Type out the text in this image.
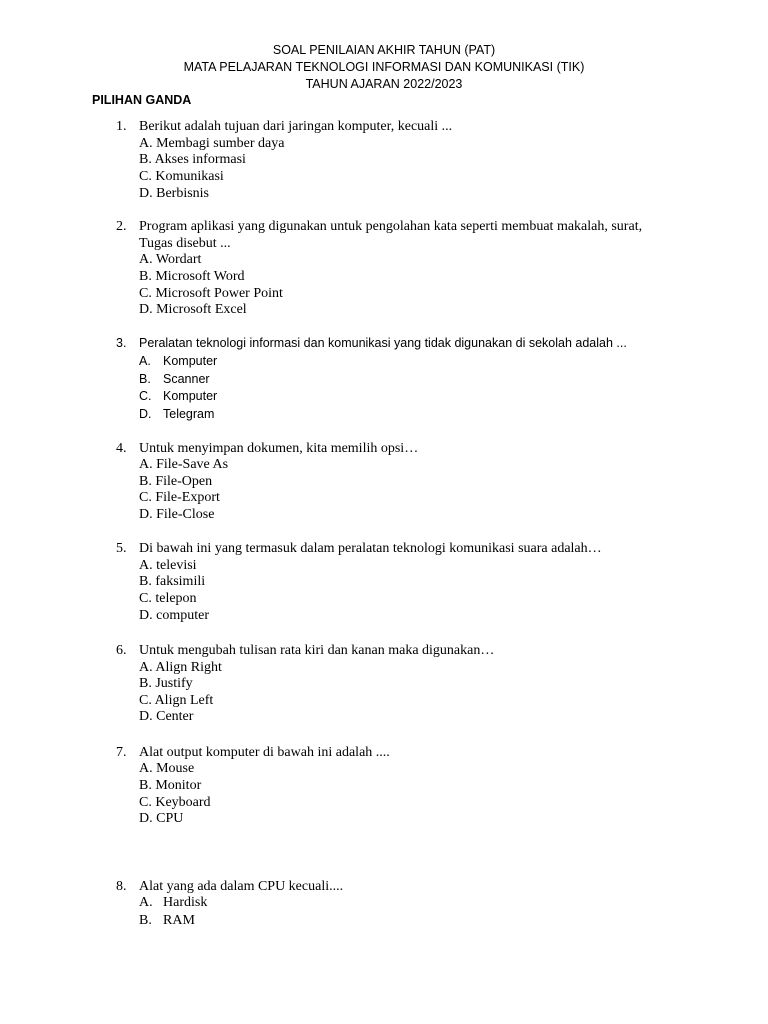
SOAL PENILAIAN AKHIR TAHUN (PAT)
MATA PELAJARAN TEKNOLOGI INFORMASI DAN KOMUNIKASI (TIK)
TAHUN AJARAN 2022/2023
PILIHAN GANDA
1. Berikut adalah tujuan dari jaringan komputer, kecuali ...
A. Membagi sumber daya
B. Akses informasi
C. Komunikasi
D. Berbisnis
2. Program aplikasi yang digunakan untuk pengolahan kata seperti membuat makalah, surat,
Tugas disebut ...
A. Wordart
B. Microsoft Word
C. Microsoft Power Point
D. Microsoft Excel
3. Peralatan teknologi informasi dan komunikasi yang tidak digunakan di sekolah adalah ...
A. Komputer
B. Scanner
C. Komputer
D. Telegram
4. Untuk menyimpan dokumen, kita memilih opsi…
A. File-Save As
B. File-Open
C. File-Export
D. File-Close
5. Di bawah ini yang termasuk dalam peralatan teknologi komunikasi suara adalah…
A. televisi
B. faksimili
C. telepon
D. computer
6. Untuk mengubah tulisan rata kiri dan kanan maka digunakan…
A. Align Right
B. Justify
C. Align Left
D. Center
7. Alat output komputer di bawah ini adalah ....
A. Mouse
B. Monitor
C. Keyboard
D. CPU
8. Alat yang ada dalam CPU kecuali....
A. Hardisk
B. RAM
